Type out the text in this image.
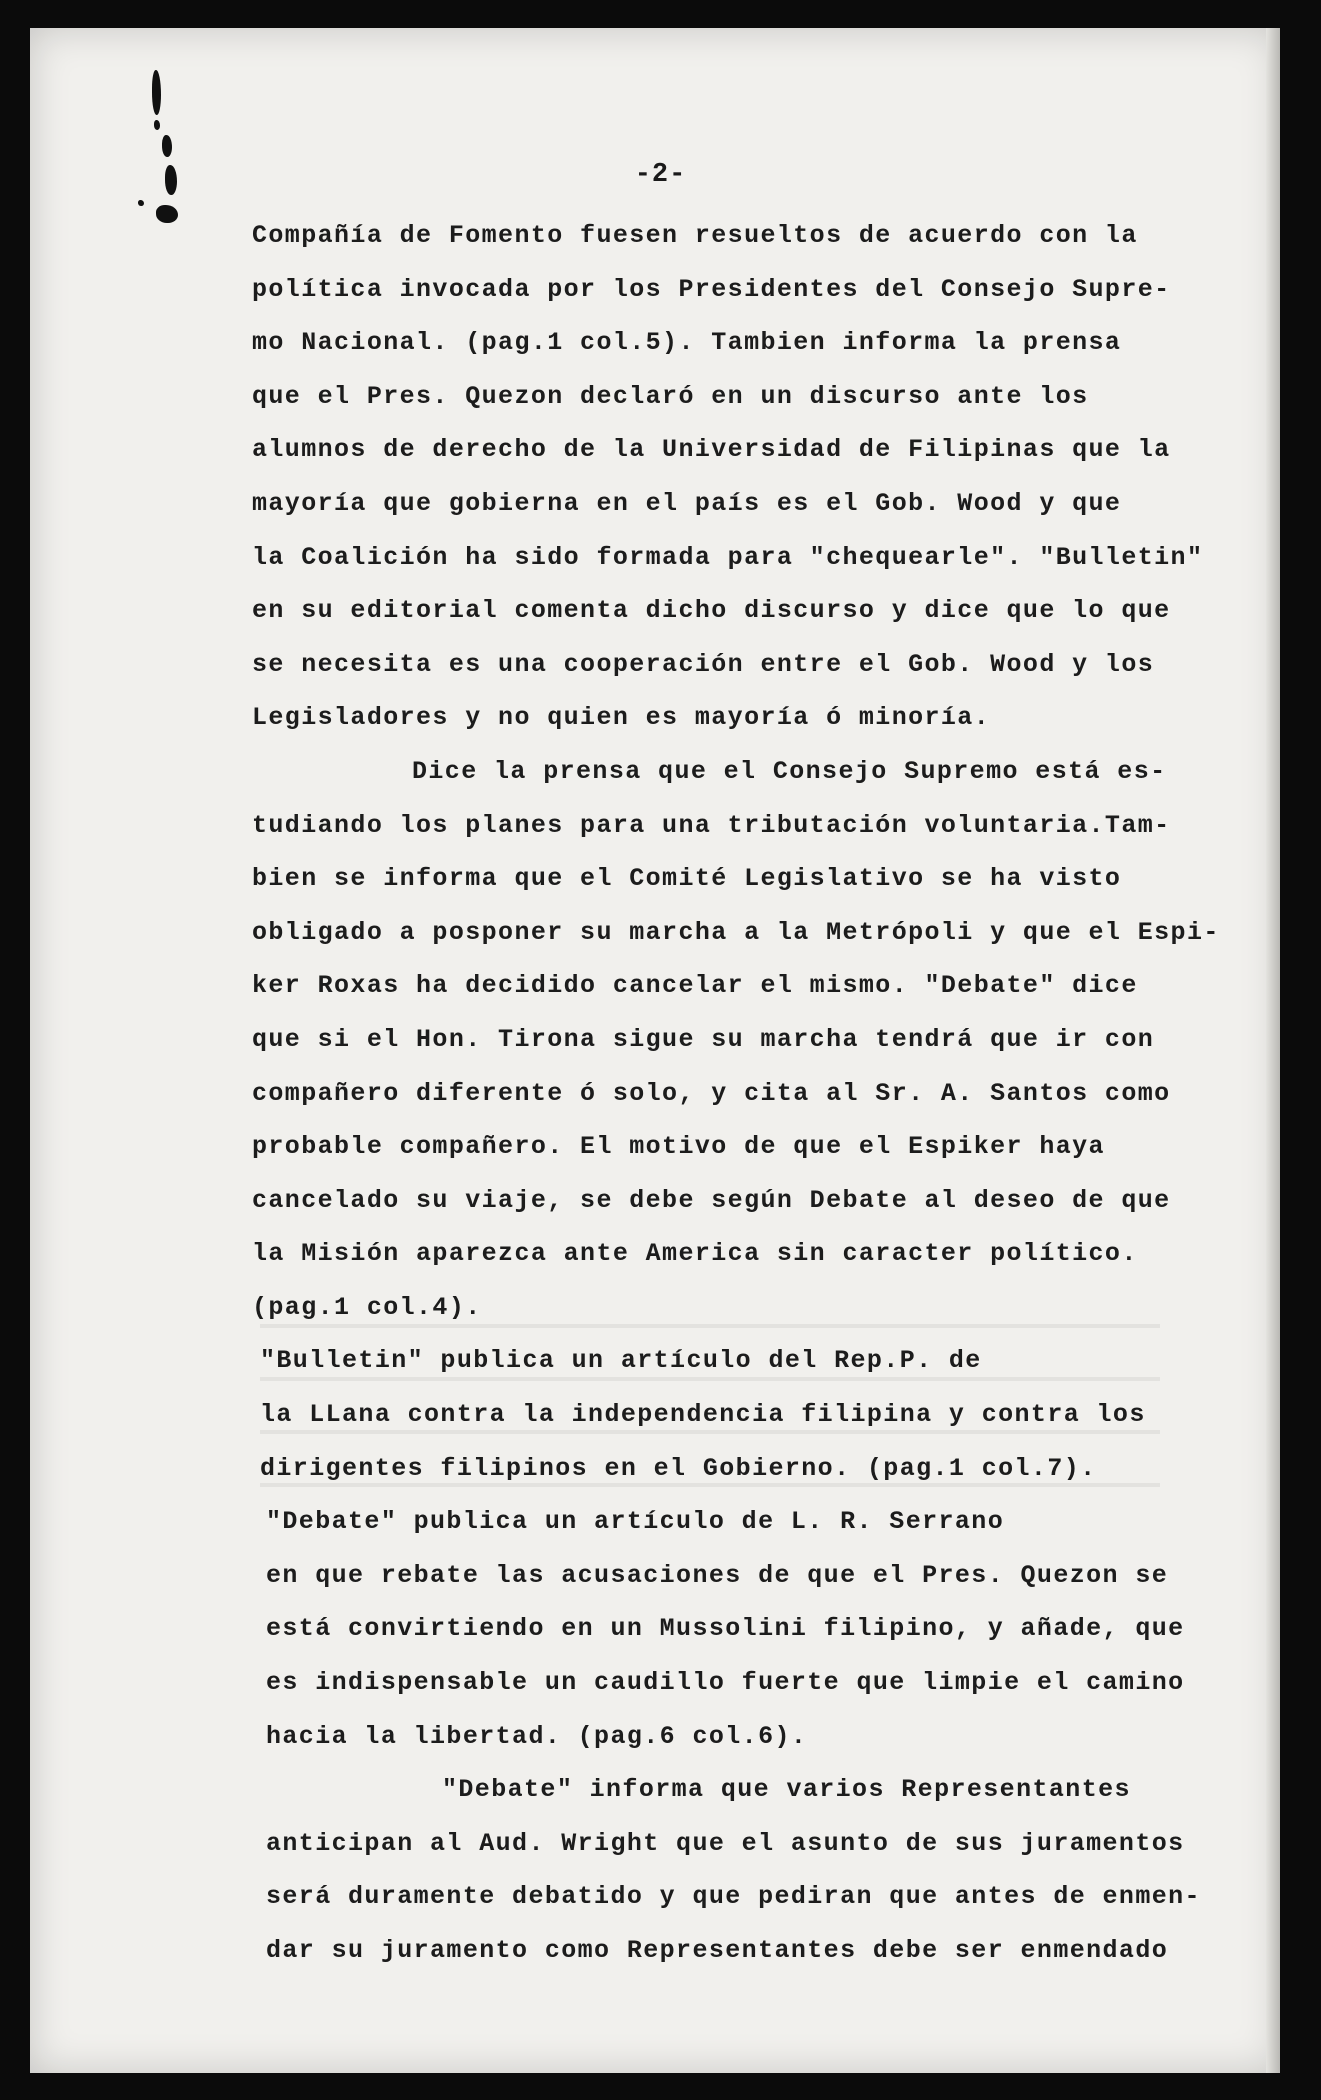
-2-
Compañía de Fomento fuesen resueltos de acuerdo con la
política invocada por los Presidentes del Consejo Supre-
mo Nacional. (pag.1 col.5). Tambien informa la prensa
que el Pres. Quezon declaró en un discurso ante los
alumnos de derecho de la Universidad de Filipinas que la
mayoría que gobierna en el país es el Gob. Wood y que
la Coalición ha sido formada para "chequearle". "Bulletin"
en su editorial comenta dicho discurso y dice que lo que
se necesita es una cooperación entre el Gob. Wood y los
Legisladores y no quien es mayoría ó minoría.
Dice la prensa que el Consejo Supremo está es-
tudiando los planes para una tributación voluntaria.Tam-
bien se informa que el Comité Legislativo se ha visto
obligado a posponer su marcha a la Metrópoli y que el Espi-
ker Roxas ha decidido cancelar el mismo. "Debate" dice
que si el Hon. Tirona sigue su marcha tendrá que ir con
compañero diferente ó solo, y cita al Sr. A. Santos como
probable compañero. El motivo de que el Espiker haya
cancelado su viaje, se debe según Debate al deseo de que
la Misión aparezca ante America sin caracter político.
(pag.1 col.4).
"Bulletin" publica un artículo del Rep.P. de
la LLana contra la independencia filipina y contra los
dirigentes filipinos en el Gobierno. (pag.1 col.7).
"Debate" publica un artículo de L. R. Serrano
en que rebate las acusaciones de que el Pres. Quezon se
está convirtiendo en un Mussolini filipino, y añade, que
es indispensable un caudillo fuerte que limpie el camino
hacia la libertad. (pag.6 col.6).
"Debate" informa que varios Representantes
anticipan al Aud. Wright que el asunto de sus juramentos
será duramente debatido y que pediran que antes de enmen-
dar su juramento como Representantes debe ser enmendado
